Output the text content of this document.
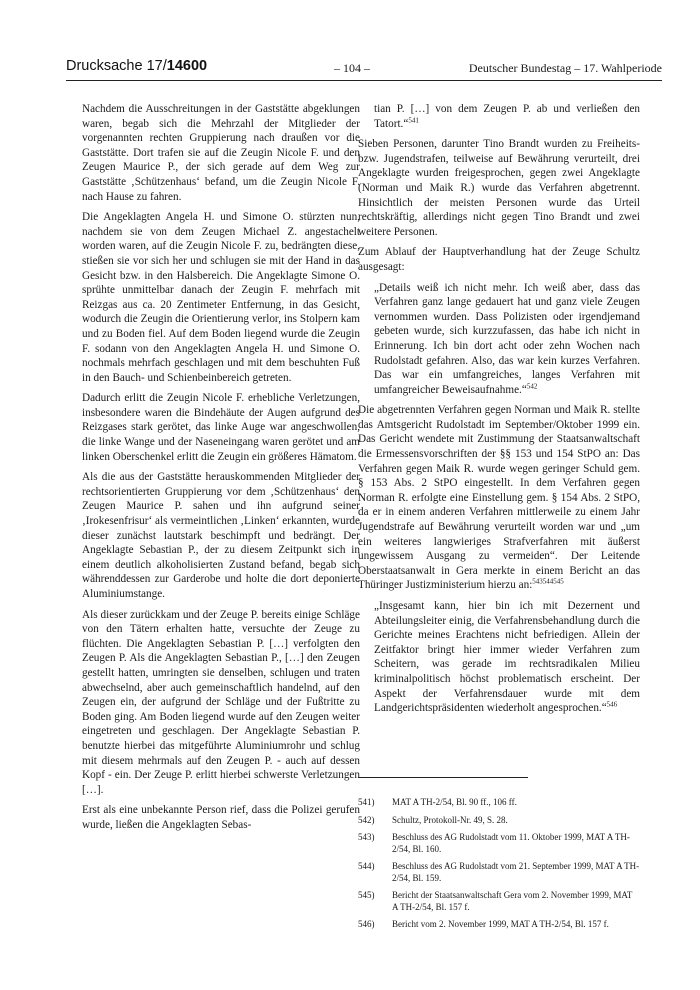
Drucksache 17/14600	– 104 –	Deutscher Bundestag – 17. Wahlperiode

Nachdem die Ausschreitungen in der Gaststätte abgeklungen waren, begab sich die Mehrzahl der Mitglieder der vorgenannten rechten Gruppierung nach draußen vor die Gaststätte. Dort trafen sie auf die Zeugin Nicole F. und den Zeugen Maurice P., der sich gerade auf dem Weg zur Gaststätte ‚Schützenhaus‘ befand, um die Zeugin Nicole F. nach Hause zu fahren.

Die Angeklagten Angela H. und Simone O. stürzten nun, nachdem sie von dem Zeugen Michael Z. angestachelt worden waren, auf die Zeugin Nicole F. zu, bedrängten diese, stießen sie vor sich her und schlugen sie mit der Hand in das Gesicht bzw. in den Halsbereich. Die Angeklagte Simone O. sprühte unmittelbar danach der Zeugin F. mehrfach mit Reizgas aus ca. 20 Zentimeter Entfernung, in das Gesicht, wodurch die Zeugin die Orientierung verlor, ins Stolpern kam und zu Boden fiel. Auf dem Boden liegend wurde die Zeugin F. sodann von den Angeklagten Angela H. und Simone O. nochmals mehrfach geschlagen und mit dem beschuhten Fuß in den Bauch- und Schienbeinbereich getreten.

Dadurch erlitt die Zeugin Nicole F. erhebliche Verletzungen, insbesondere waren die Bindehäute der Augen aufgrund des Reizgases stark gerötet, das linke Auge war angeschwollen, die linke Wange und der Naseneingang waren gerötet und am linken Oberschenkel erlitt die Zeugin ein größeres Hämatom.

Als die aus der Gaststätte herauskommenden Mitglieder der rechtsorientierten Gruppierung vor dem ‚Schützenhaus‘ den Zeugen Maurice P. sahen und ihn aufgrund seiner ‚Irokesenfrisur‘ als vermeintlichen ‚Linken‘ erkannten, wurde dieser zunächst lautstark beschimpft und bedrängt. Der Angeklagte Sebastian P., der zu diesem Zeitpunkt sich in einem deutlich alkoholisierten Zustand befand, begab sich währenddessen zur Garderobe und holte die dort deponierte Aluminiumstange.

Als dieser zurückkam und der Zeuge P. bereits einige Schläge von den Tätern erhalten hatte, versuchte der Zeuge zu flüchten. Die Angeklagten Sebastian P. […] verfolgten den Zeugen P. Als die Angeklagten Sebastian P., […] den Zeugen gestellt hatten, umringten sie denselben, schlugen und traten abwechselnd, aber auch gemeinschaftlich handelnd, auf den Zeugen ein, der aufgrund der Schläge und der Fußtritte zu Boden ging. Am Boden liegend wurde auf den Zeugen weiter eingetreten und geschlagen. Der Angeklagte Sebastian P. benutzte hierbei das mitgeführte Aluminiumrohr und schlug mit diesem mehrmals auf den Zeugen P. - auch auf dessen Kopf - ein. Der Zeuge P. erlitt hierbei schwerste Verletzungen […].

Erst als eine unbekannte Person rief, dass die Polizei gerufen wurde, ließen die Angeklagten Sebas-

tian P. […] von dem Zeugen P. ab und verließen den Tatort.“$^{541}$

Sieben Personen, darunter Tino Brandt wurden zu Freiheits- bzw. Jugendstrafen, teilweise auf Bewährung verurteilt, drei Angeklagte wurden freigesprochen, gegen zwei Angeklagte (Norman und Maik R.) wurde das Verfahren abgetrennt. Hinsichtlich der meisten Personen wurde das Urteil rechtskräftig, allerdings nicht gegen Tino Brandt und zwei weitere Personen.

Zum Ablauf der Hauptverhandlung hat der Zeuge Schultz ausgesagt:

„Details weiß ich nicht mehr. Ich weiß aber, dass das Verfahren ganz lange gedauert hat und ganz viele Zeugen vernommen wurden. Dass Polizisten oder irgendjemand gebeten wurde, sich kurzzufassen, das habe ich nicht in Erinnerung. Ich bin dort acht oder zehn Wochen nach Rudolstadt gefahren. Also, das war kein kurzes Verfahren. Das war ein umfangreiches, langes Verfahren mit umfangreicher Beweisaufnahme.“$^{542}$

Die abgetrennten Verfahren gegen Norman und Maik R. stellte das Amtsgericht Rudolstadt im September/Oktober 1999 ein. Das Gericht wendete mit Zustimmung der Staatsanwaltschaft die Ermessensvorschriften der §§ 153 und 154 StPO an: Das Verfahren gegen Maik R. wurde wegen geringer Schuld gem. § 153 Abs. 2 StPO eingestellt. In dem Verfahren gegen Norman R. erfolgte eine Einstellung gem. § 154 Abs. 2 StPO, da er in einem anderen Verfahren mittlerweile zu einem Jahr Jugendstrafe auf Bewährung verurteilt worden war und „um ein weiteres langwieriges Strafverfahren mit äußerst ungewissem Ausgang zu vermeiden“. Der Leitende Oberstaatsanwalt in Gera merkte in einem Bericht an das Thüringer Justizministerium hierzu an:$^{543544545}$

„Insgesamt kann, hier bin ich mit Dezernent und Abteilungsleiter einig, die Verfahrensbehandlung durch die Gerichte meines Erachtens nicht befriedigen. Allein der Zeitfaktor bringt hier immer wieder Verfahren zum Scheitern, was gerade im rechtsradikalen Milieu kriminalpolitisch höchst problematisch erscheint. Der Aspekt der Verfahrensdauer wurde mit dem Landgerichtspräsidenten wiederholt angesprochen.“$^{546}$

541)	MAT A TH-2/54, Bl. 90 ff., 106 ff.
542)	Schultz, Protokoll-Nr. 49, S. 28.
543)	Beschluss des AG Rudolstadt vom 11. Oktober 1999, MAT A TH-2/54, Bl. 160.
544)	Beschluss des AG Rudolstadt vom 21. September 1999, MAT A TH-2/54, Bl. 159.
545)	Bericht der Staatsanwaltschaft Gera vom 2. November 1999, MAT A TH-2/54, Bl. 157 f.
546)	Bericht vom 2. November 1999, MAT A TH-2/54, Bl. 157 f.
